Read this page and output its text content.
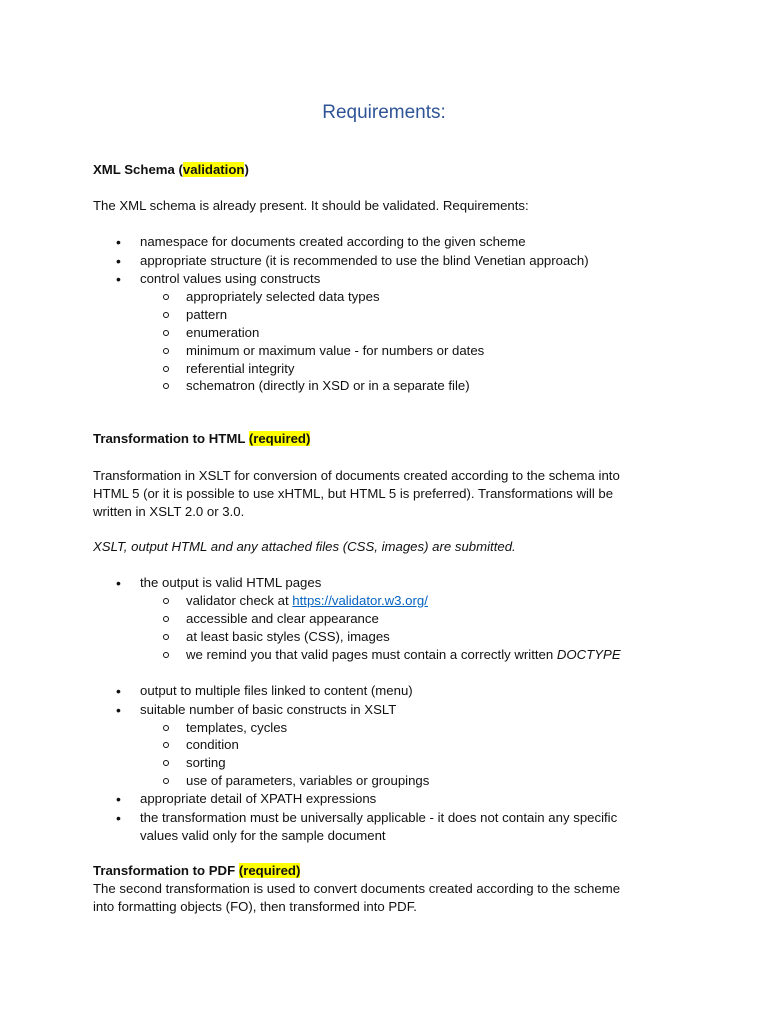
Requirements:
XML Schema (validation)
The XML schema is already present. It should be validated. Requirements:
• namespace for documents created according to the given scheme
• appropriate structure (it is recommended to use the blind Venetian approach)
• control values using constructs
appropriately selected data types
pattern
enumeration
minimum or maximum value - for numbers or dates
referential integrity
schematron (directly in XSD or in a separate file)
Transformation to HTML (required)
Transformation in XSLT for conversion of documents created according to the schema into
HTML 5 (or it is possible to use xHTML, but HTML 5 is preferred). Transformations will be
written in XSLT 2.0 or 3.0.
XSLT, output HTML and any attached files (CSS, images) are submitted.
• the output is valid HTML pages
validator check at https://validator.w3.org/
accessible and clear appearance
at least basic styles (CSS), images
we remind you that valid pages must contain a correctly written DOCTYPE
• output to multiple files linked to content (menu)
• suitable number of basic constructs in XSLT
templates, cycles
condition
sorting
use of parameters, variables or groupings
• appropriate detail of XPATH expressions
• the transformation must be universally applicable - it does not contain any specific
values valid only for the sample document
Transformation to PDF (required)
The second transformation is used to convert documents created according to the scheme
into formatting objects (FO), then transformed into PDF.
